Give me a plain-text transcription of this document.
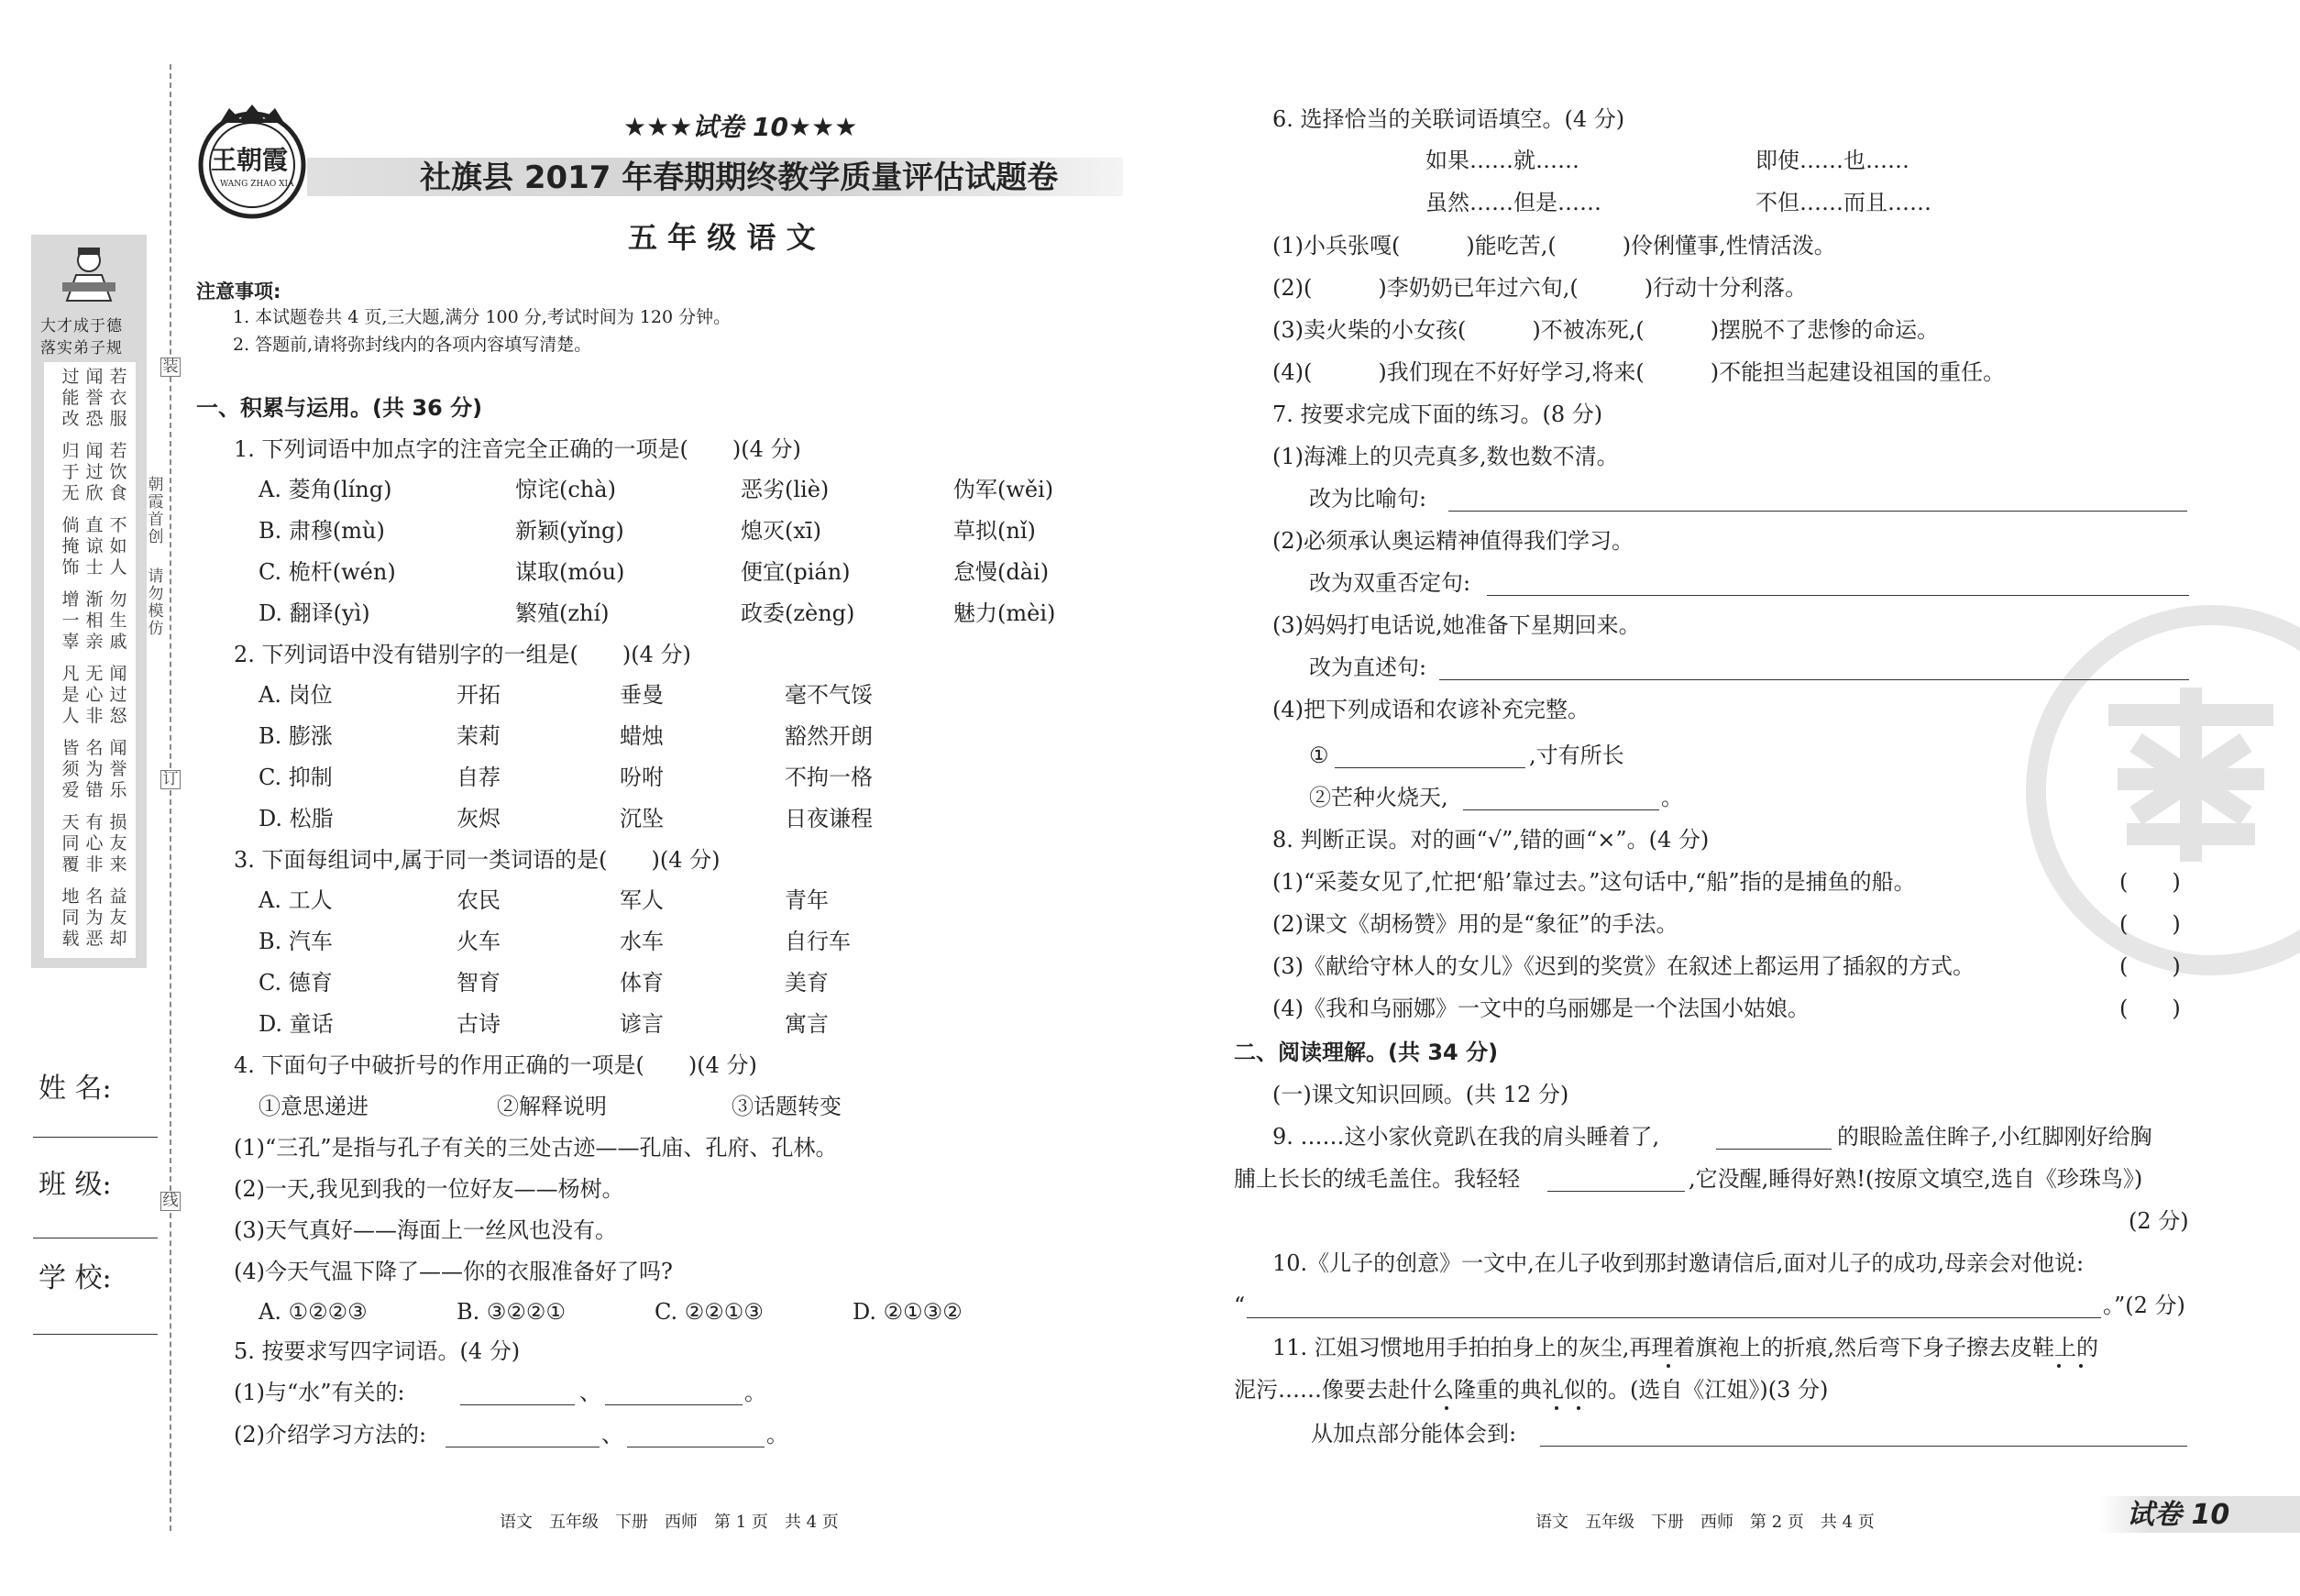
大才成于德
落实弟子规
姓 名:
班 级:
学 校:
装
订
线
朝霞首创
请勿模仿
王朝霞
WANG ZHAO XIA
★★★试卷 10★★★
社旗县 2017 年春期期终教学质量评估试题卷
五 年 级 语 文
注意事项:
1. 本试题卷共 4 页,三大题,满分 100 分,考试时间为 120 分钟。
2. 答题前,请将弥封线内的各项内容填写清楚。
一、积累与运用。(共 36 分)
1. 下列词语中加点字的注音完全正确的一项是(　　)(4 分)
2. 下列词语中没有错别字的一组是(　　)(4 分)
3. 下面每组词中,属于同一类词语的是(　　)(4 分)
4. 下面句子中破折号的作用正确的一项是(　　)(4 分)
①意思递进	②解释说明	③话题转变
(1)“三孔”是指与孔子有关的三处古迹——孔庙、孔府、孔林。
(2)一天,我见到我的一位好友——杨树。
(3)天气真好——海面上一丝风也没有。
(4)今天气温下降了——你的衣服准备好了吗?
A. ①②②③	B. ③②②①	C. ②②①③	D. ②①③②
5. 按要求写四字词语。(4 分)
(1)与“水”有关的:	、	。
(2)介绍学习方法的:	、	。
6. 选择恰当的关联词语填空。(4 分)
如果……就……	即使……也……
虽然……但是……	不但……而且……
(1)小兵张嘎(　　　)能吃苦,(　　　)伶俐懂事,性情活泼。
(2)(　　　)李奶奶已年过六旬,(　　　)行动十分利落。
(3)卖火柴的小女孩(　　　)不被冻死,(　　　)摆脱不了悲惨的命运。
(4)(　　　)我们现在不好好学习,将来(　　　)不能担当起建设祖国的重任。
7. 按要求完成下面的练习。(8 分)
(1)海滩上的贝壳真多,数也数不清。
改为比喻句:
(2)必须承认奥运精神值得我们学习。
改为双重否定句:
(3)妈妈打电话说,她准备下星期回来。
改为直述句:
(4)把下列成语和农谚补充完整。
①	,寸有所长
②芒种火烧天,	。
8. 判断正误。对的画“√”,错的画“×”。(4 分)
(1)“采菱女见了,忙把‘船’靠过去。”这句话中,“船”指的是捕鱼的船。	(　　)
(2)课文《胡杨赞》用的是“象征”的手法。	(　　)
(3)《献给守林人的女儿》《迟到的奖赏》在叙述上都运用了插叙的方式。	(　　)
(4)《我和乌丽娜》一文中的乌丽娜是一个法国小姑娘。	(　　)
二、阅读理解。(共 34 分)
(一)课文知识回顾。(共 12 分)
9. ……这小家伙竟趴在我的肩头睡着了,	的眼睑盖住眸子,小红脚刚好给胸
脯上长长的绒毛盖住。我轻轻	,它没醒,睡得好熟!(按原文填空,选自《珍珠鸟》)
(2 分)
10.《儿子的创意》一文中,在儿子收到那封邀请信后,面对儿子的成功,母亲会对他说:
“	。”(2 分)
11. 江姐习惯地用手拍拍身上的灰尘,再理着旗袍上的折痕,然后弯下身子擦去皮鞋上的
泥污……像要去赴什么隆重的典礼似的。(选自《江姐》)(3 分)
从加点部分能体会到:
语文　五年级　下册　西师　第 1 页　共 4 页	语文　五年级　下册　西师　第 2 页　共 4 页	试卷 10
过能改
闻誉恐
若衣服
归于无
闻过欣
若饮食
倘掩饰
直谅士
不如人
增一辜
渐相亲
勿生戚
凡是人
无心非
闻过怒
皆须爱
名为错
闻誉乐
天同覆
有心非
损友来
地同载
名为恶
益友却
A. 菱角(líng)	惊诧(chà)	恶劣(liè)	伪军(wěi)
B. 肃穆(mù)	新颖(yǐng)	熄灭(xī)	草拟(nǐ)
C. 桅杆(wén)	谋取(móu)	便宜(pián)	怠慢(dài)
D. 翻译(yì)	繁殖(zhí)	政委(zèng)	魅力(mèi)
A. 岗位	开拓	垂曼	毫不气馁
B. 膨涨	茉莉	蜡烛	豁然开朗
C. 抑制	自荐	吩咐	不拘一格
D. 松脂	灰烬	沉坠	日夜谦程
A. 工人	农民	军人	青年
B. 汽车	火车	水车	自行车
C. 德育	智育	体育	美育
D. 童话	古诗	谚言	寓言
